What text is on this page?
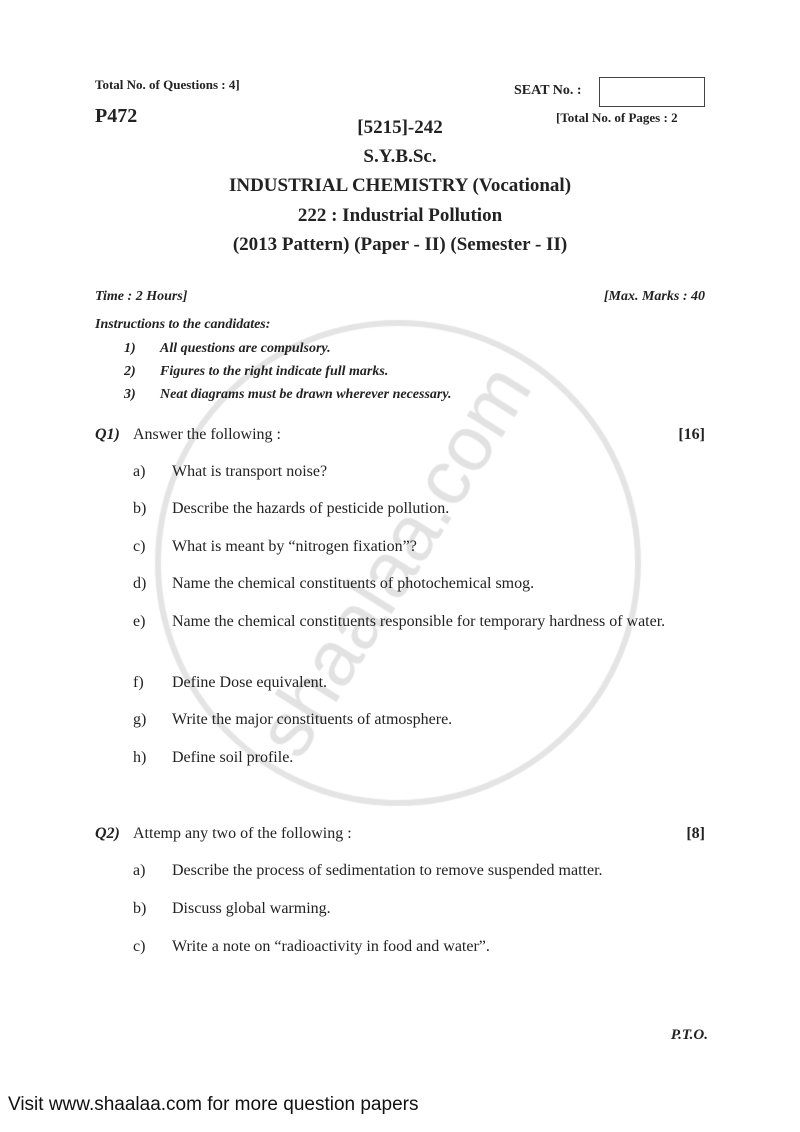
Total No. of Questions : 4]	SEAT No. :
P472	[Total No. of Pages : 2
[5215]-242
S.Y.B.Sc.
INDUSTRIAL CHEMISTRY (Vocational)
222 : Industrial Pollution
(2013 Pattern) (Paper - II) (Semester - II)
Time : 2 Hours]	[Max. Marks : 40
Instructions to the candidates:
1) All questions are compulsory.
2) Figures to the right indicate full marks.
3) Neat diagrams must be drawn wherever necessary.
Q1) Answer the following :	[16]
a) What is transport noise?
b) Describe the hazards of pesticide pollution.
c) What is meant by “nitrogen fixation”?
d) Name the chemical constituents of photochemical smog.
e) Name the chemical constituents responsible for temporary hardness of water.
f) Define Dose equivalent.
g) Write the major constituents of atmosphere.
h) Define soil profile.
Q2) Attemp any two of the following :	[8]
a) Describe the process of sedimentation to remove suspended matter.
b) Discuss global warming.
c) Write a note on “radioactivity in food and water”.
P.T.O.
Visit www.shaalaa.com for more question papers
